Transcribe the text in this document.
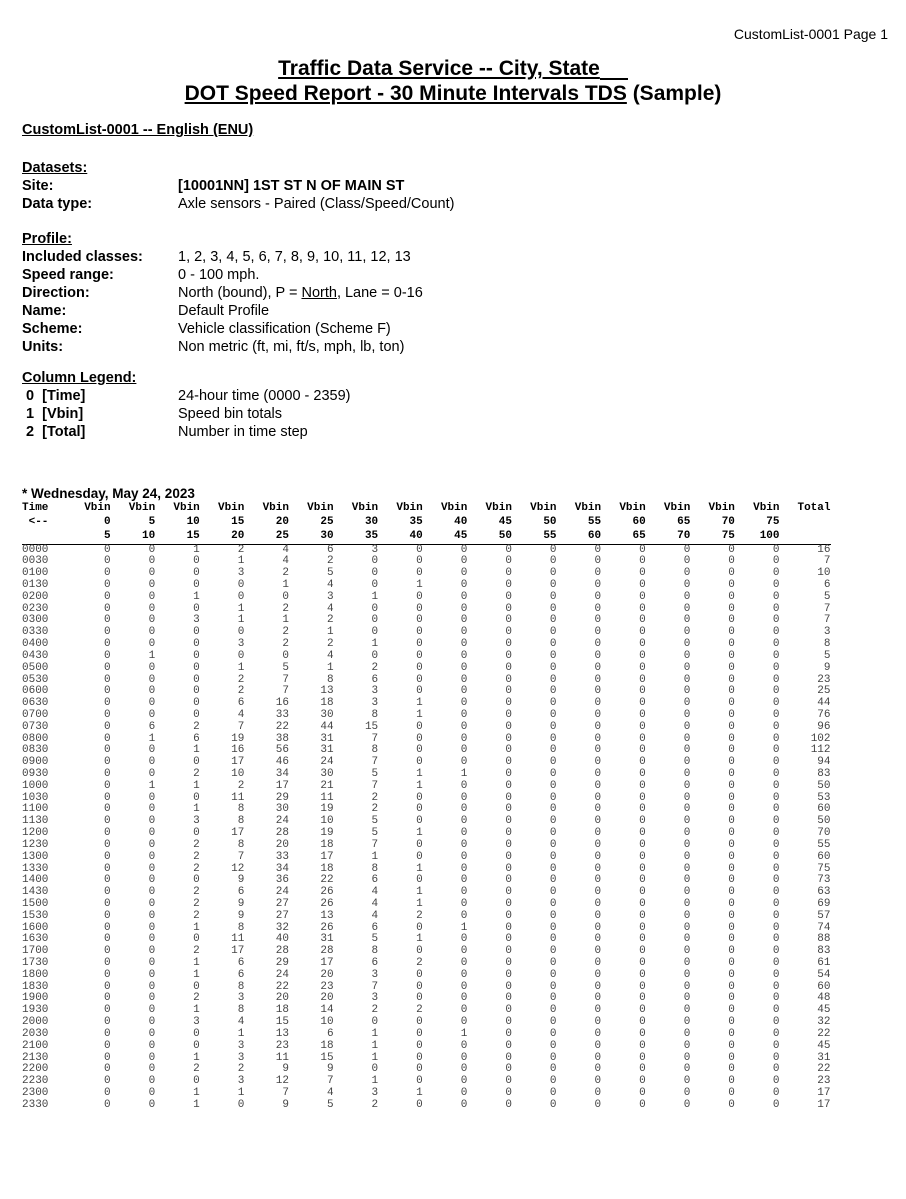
CustomList-0001 Page 1
Traffic Data Service -- City, State
DOT Speed Report - 30 Minute Intervals TDS (Sample)
CustomList-0001 -- English (ENU)
Datasets:
Site:	[10001NN] 1ST ST N OF MAIN ST
Data type:	Axle sensors - Paired (Class/Speed/Count)
Profile:
Included classes:	1, 2, 3, 4, 5, 6, 7, 8, 9, 10, 11, 12, 13
Speed range:	0 - 100 mph.
Direction:	North (bound), P = North, Lane = 0-16
Name:	Default Profile
Scheme:	Vehicle classification (Scheme F)
Units:	Non metric (ft, mi, ft/s, mph, lb, ton)
Column Legend:
0  [Time]	24-hour time (0000 - 2359)
1  [Vbin]	Speed bin totals
2  [Total]	Number in time step
* Wednesday, May 24, 2023
Time	Vbin	Vbin	Vbin	Vbin	Vbin	Vbin	Vbin	Vbin	Vbin	Vbin	Vbin	Vbin	Vbin	Vbin	Vbin	Vbin	Total
<--	0	5	10	15	20	25	30	35	40	45	50	55	60	65	70	75	
	5	10	15	20	25	30	35	40	45	50	55	60	65	70	75	100	
0000	0	0	1	2	4	6	3	0	0	0	0	0	0	0	0	0	16
0030	0	0	0	1	4	2	0	0	0	0	0	0	0	0	0	0	7
0100	0	0	0	3	2	5	0	0	0	0	0	0	0	0	0	0	10
0130	0	0	0	0	1	4	0	1	0	0	0	0	0	0	0	0	6
0200	0	0	1	0	0	3	1	0	0	0	0	0	0	0	0	0	5
0230	0	0	0	1	2	4	0	0	0	0	0	0	0	0	0	0	7
0300	0	0	3	1	1	2	0	0	0	0	0	0	0	0	0	0	7
0330	0	0	0	0	2	1	0	0	0	0	0	0	0	0	0	0	3
0400	0	0	0	3	2	2	1	0	0	0	0	0	0	0	0	0	8
0430	0	1	0	0	0	4	0	0	0	0	0	0	0	0	0	0	5
0500	0	0	0	1	5	1	2	0	0	0	0	0	0	0	0	0	9
0530	0	0	0	2	7	8	6	0	0	0	0	0	0	0	0	0	23
0600	0	0	0	2	7	13	3	0	0	0	0	0	0	0	0	0	25
0630	0	0	0	6	16	18	3	1	0	0	0	0	0	0	0	0	44
0700	0	0	0	4	33	30	8	1	0	0	0	0	0	0	0	0	76
0730	0	6	2	7	22	44	15	0	0	0	0	0	0	0	0	0	96
0800	0	1	6	19	38	31	7	0	0	0	0	0	0	0	0	0	102
0830	0	0	1	16	56	31	8	0	0	0	0	0	0	0	0	0	112
0900	0	0	0	17	46	24	7	0	0	0	0	0	0	0	0	0	94
0930	0	0	2	10	34	30	5	1	1	0	0	0	0	0	0	0	83
1000	0	1	1	2	17	21	7	1	0	0	0	0	0	0	0	0	50
1030	0	0	0	11	29	11	2	0	0	0	0	0	0	0	0	0	53
1100	0	0	1	8	30	19	2	0	0	0	0	0	0	0	0	0	60
1130	0	0	3	8	24	10	5	0	0	0	0	0	0	0	0	0	50
1200	0	0	0	17	28	19	5	1	0	0	0	0	0	0	0	0	70
1230	0	0	2	8	20	18	7	0	0	0	0	0	0	0	0	0	55
1300	0	0	2	7	33	17	1	0	0	0	0	0	0	0	0	0	60
1330	0	0	2	12	34	18	8	1	0	0	0	0	0	0	0	0	75
1400	0	0	0	9	36	22	6	0	0	0	0	0	0	0	0	0	73
1430	0	0	2	6	24	26	4	1	0	0	0	0	0	0	0	0	63
1500	0	0	2	9	27	26	4	1	0	0	0	0	0	0	0	0	69
1530	0	0	2	9	27	13	4	2	0	0	0	0	0	0	0	0	57
1600	0	0	1	8	32	26	6	0	1	0	0	0	0	0	0	0	74
1630	0	0	0	11	40	31	5	1	0	0	0	0	0	0	0	0	88
1700	0	0	2	17	28	28	8	0	0	0	0	0	0	0	0	0	83
1730	0	0	1	6	29	17	6	2	0	0	0	0	0	0	0	0	61
1800	0	0	1	6	24	20	3	0	0	0	0	0	0	0	0	0	54
1830	0	0	0	8	22	23	7	0	0	0	0	0	0	0	0	0	60
1900	0	0	2	3	20	20	3	0	0	0	0	0	0	0	0	0	48
1930	0	0	1	8	18	14	2	2	0	0	0	0	0	0	0	0	45
2000	0	0	3	4	15	10	0	0	0	0	0	0	0	0	0	0	32
2030	0	0	0	1	13	6	1	0	1	0	0	0	0	0	0	0	22
2100	0	0	0	3	23	18	1	0	0	0	0	0	0	0	0	0	45
2130	0	0	1	3	11	15	1	0	0	0	0	0	0	0	0	0	31
2200	0	0	2	2	9	9	0	0	0	0	0	0	0	0	0	0	22
2230	0	0	0	3	12	7	1	0	0	0	0	0	0	0	0	0	23
2300	0	0	1	1	7	4	3	1	0	0	0	0	0	0	0	0	17
2330	0	0	1	0	9	5	2	0	0	0	0	0	0	0	0	0	17
